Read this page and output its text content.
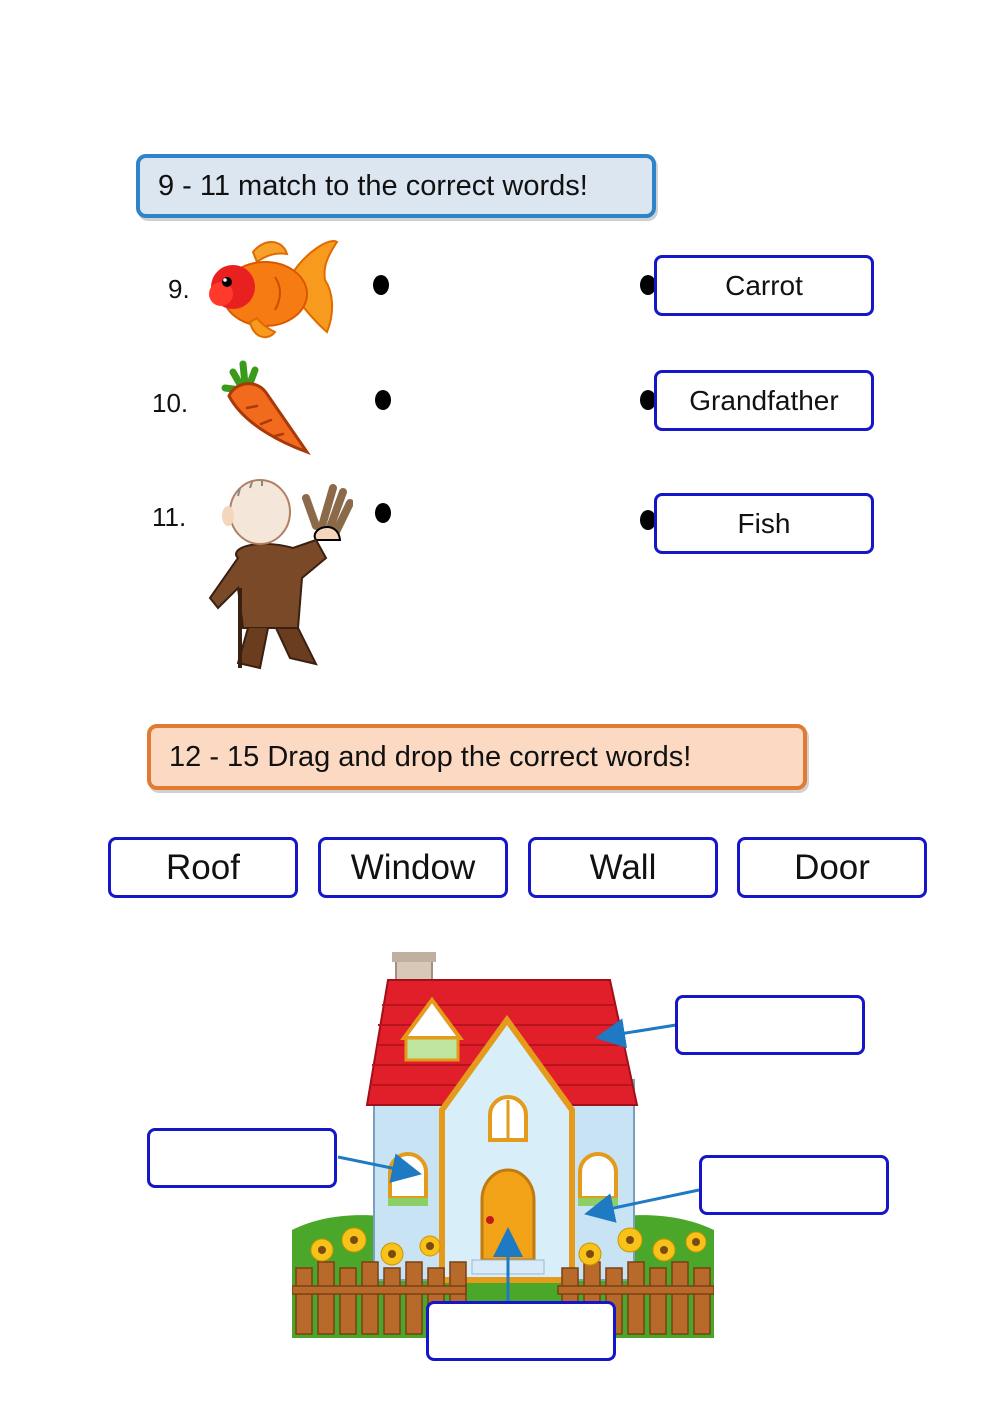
9 - 11 match to the correct words!
9.
10.
11.
Carrot
Grandfather
Fish
12 - 15 Drag and drop the correct words!
Roof	Window	Wall	Door
